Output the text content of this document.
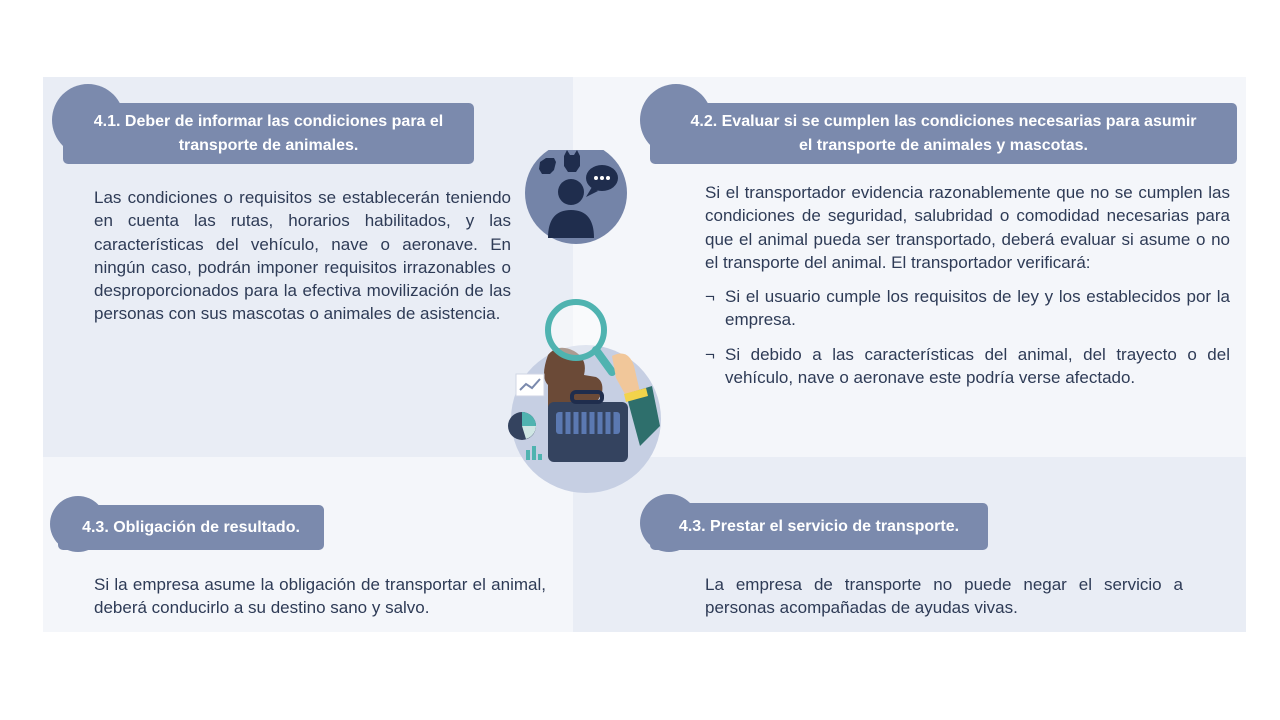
4.1. Deber de informar las condiciones para el
transporte de animales.

Las condiciones o requisitos se establecerán teniendo en cuenta las rutas, horarios habilitados, y las características del vehículo, nave o aeronave. En ningún caso, podrán imponer requisitos irrazonables o desproporcionados para la efectiva movilización de las personas con sus mascotas o animales de asistencia.

4.2. Evaluar si se cumplen las condiciones necesarias para asumir
el transporte de animales y mascotas.

Si el transportador evidencia razonablemente que no se cumplen las condiciones de seguridad, salubridad o comodidad necesarias para que el animal pueda ser transportado, deberá evaluar si asume o no el transporte del animal. El transportador verificará:

¬ Si el usuario cumple los requisitos de ley y los establecidos por la empresa.
¬ Si debido a las características del animal, del trayecto o del vehículo, nave o aeronave este podría verse afectado.
4.3. Obligación de resultado.

Si la empresa asume la obligación de transportar el animal, deberá conducirlo a su destino sano y salvo.

4.3. Prestar el servicio de transporte.

La empresa de transporte no puede negar el servicio a personas acompañadas de ayudas vivas.
